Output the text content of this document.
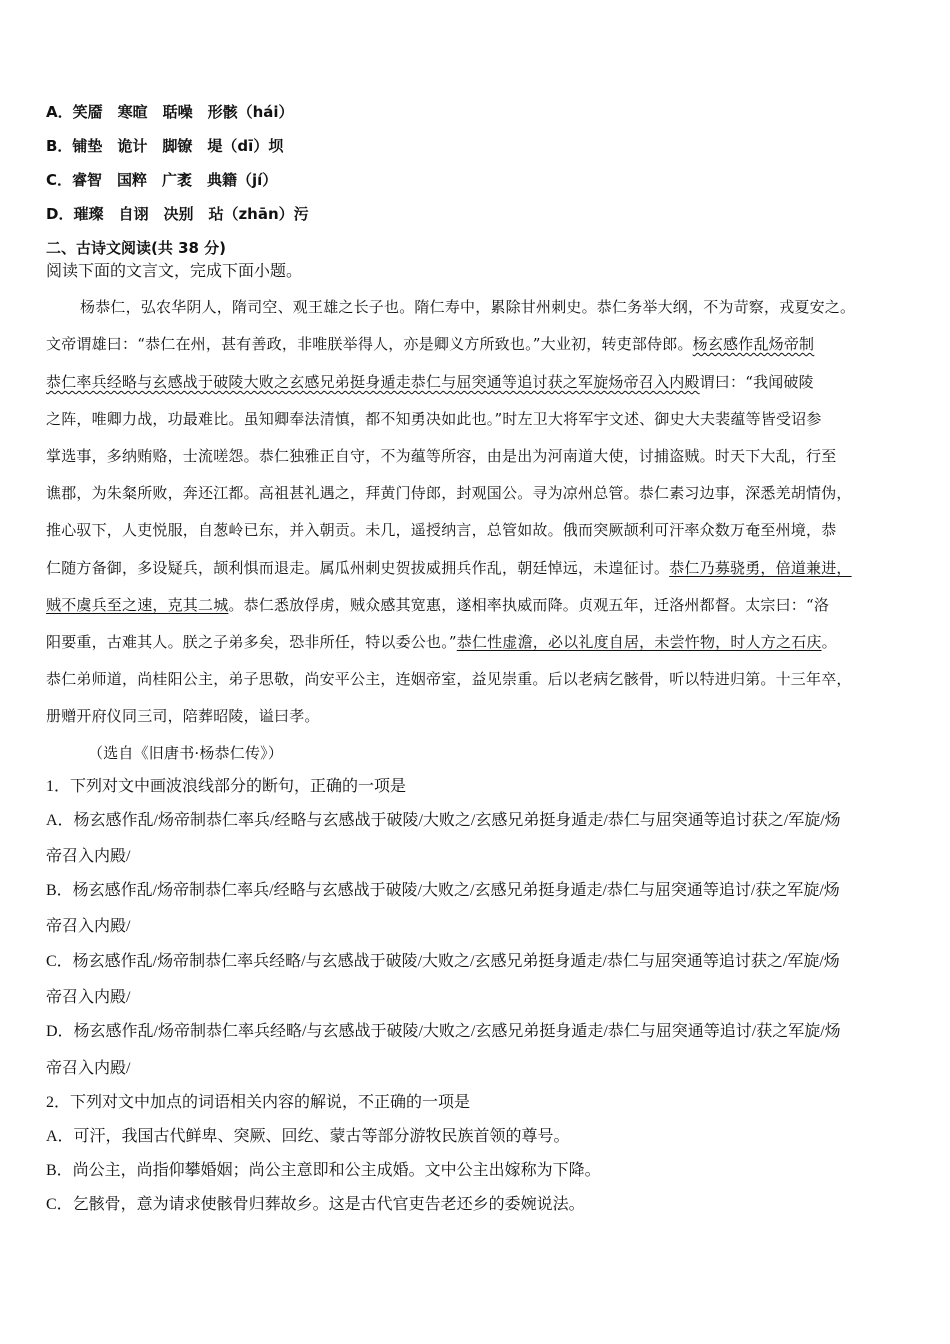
A．笑靥　寒暄　聒噪　形骸（hái）
B．铺垫　诡计　脚镣　堤（dī）坝
C．睿智　国粹　广袤　典籍（jí）
D．璀璨　自诩　决别　玷（zhān）污
二、古诗文阅读(共 38 分)
阅读下面的文言文，完成下面小题。
杨恭仁，弘农华阴人，隋司空、观王雄之长子也。隋仁寿中，累除甘州刺史。恭仁务举大纲，不为苛察，戎夏安之。
文帝谓雄曰：“恭仁在州，甚有善政，非唯朕举得人，亦是卿义方所致也。”大业初，转吏部侍郎。杨玄感作乱炀帝制
恭仁率兵经略与玄感战于破陵大败之玄感兄弟挺身遁走恭仁与屈突通等追讨获之军旋炀帝召入内殿谓曰：“我闻破陵
之阵，唯卿力战，功最难比。虽知卿奉法清慎，都不知勇决如此也。”时左卫大将军宇文述、御史大夫裴蕴等皆受诏参
掌选事，多纳贿赂，士流嗟怨。恭仁独雅正自守，不为蕴等所容，由是出为河南道大使，讨捕盗贼。时天下大乱，行至
谯郡，为朱粲所败，奔还江都。高祖甚礼遇之，拜黄门侍郎，封观国公。寻为凉州总管。恭仁素习边事，深悉羌胡情伪，
推心驭下，人吏悦服，自葱岭已东，并入朝贡。未几，遥授纳言，总管如故。俄而突厥颉利可汗率众数万奄至州境，恭
仁随方备御，多设疑兵，颉利惧而退走。属瓜州刺史贺拔威拥兵作乱，朝廷悼远，未遑征讨。恭仁乃募骁勇，倍道兼进，
贼不虞兵至之速，克其二城。恭仁悉放俘虏，贼众感其宽惠，遂相率执威而降。贞观五年，迁洛州都督。太宗曰：“洛
阳要重，古难其人。朕之子弟多矣，恐非所任，特以委公也。”恭仁性虚澹，必以礼度自居，未尝忤物，时人方之石庆。
恭仁弟师道，尚桂阳公主，弟子思敬，尚安平公主，连姻帝室，益见崇重。后以老病乞骸骨，听以特进归第。十三年卒，
册赠开府仪同三司，陪葬昭陵，谥曰孝。
（选自《旧唐书·杨恭仁传》）
1．下列对文中画波浪线部分的断句，正确的一项是
A．杨玄感作乱/炀帝制恭仁率兵/经略与玄感战于破陵/大败之/玄感兄弟挺身遁走/恭仁与屈突通等追讨获之/军旋/炀
帝召入内殿/
B．杨玄感作乱/炀帝制恭仁率兵/经略与玄感战于破陵/大败之/玄感兄弟挺身遁走/恭仁与屈突通等追讨/获之军旋/炀
帝召入内殿/
C．杨玄感作乱/炀帝制恭仁率兵经略/与玄感战于破陵/大败之/玄感兄弟挺身遁走/恭仁与屈突通等追讨获之/军旋/炀
帝召入内殿/
D．杨玄感作乱/炀帝制恭仁率兵经略/与玄感战于破陵/大败之/玄感兄弟挺身遁走/恭仁与屈突通等追讨/获之军旋/炀
帝召入内殿/
2．下列对文中加点的词语相关内容的解说，不正确的一项是
A．可汗，我国古代鲜卑、突厥、回纥、蒙古等部分游牧民族首领的尊号。
B．尚公主，尚指仰攀婚姻；尚公主意即和公主成婚。文中公主出嫁称为下降。
C．乞骸骨，意为请求使骸骨归葬故乡。这是古代官吏告老还乡的委婉说法。
